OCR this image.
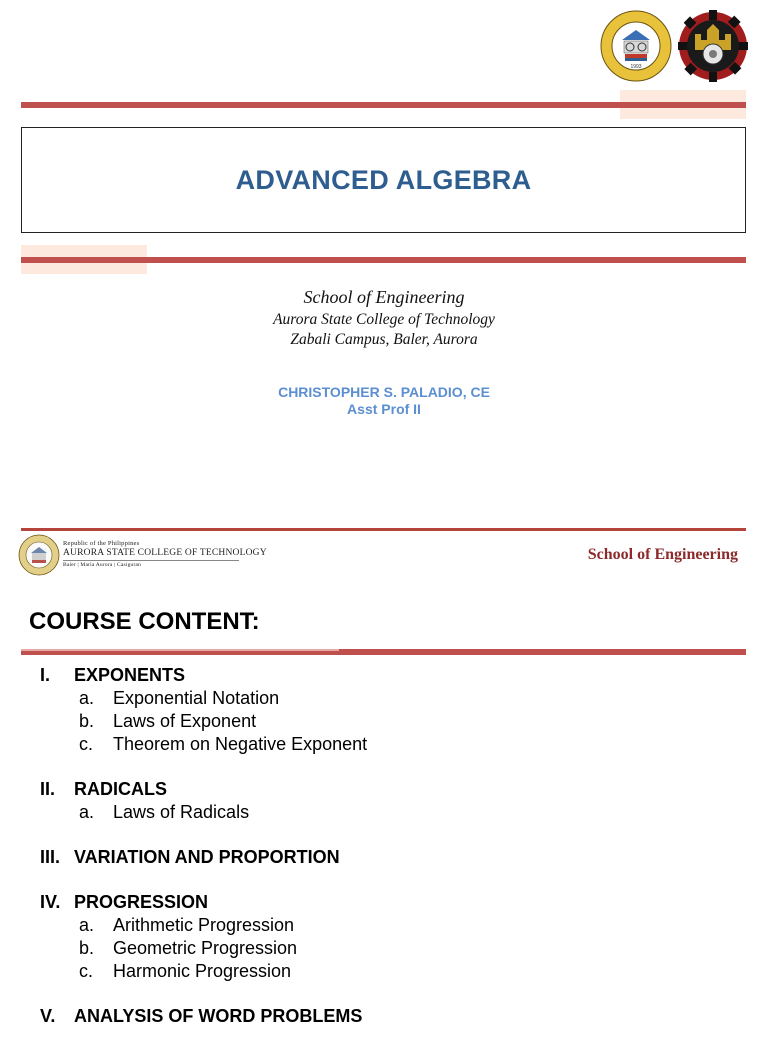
1993
ADVANCED ALGEBRA
School of Engineering
Aurora State College of Technology
Zabali Campus, Baler, Aurora
CHRISTOPHER S. PALADIO, CE
Asst Prof II
Republic of the Philippines
AURORA STATE COLLEGE OF TECHNOLOGY
Baler | Maria Aurora | Casiguran
School of Engineering
COURSE CONTENT:
I.	EXPONENTS
a.	Exponential Notation
b.	Laws of Exponent
c.	Theorem on Negative Exponent
II.	RADICALS
a.	Laws of Radicals
III. VARIATION AND PROPORTION
IV. PROGRESSION
a.	Arithmetic Progression
b.	Geometric Progression
c.	Harmonic Progression
V.	ANALYSIS OF WORD PROBLEMS
